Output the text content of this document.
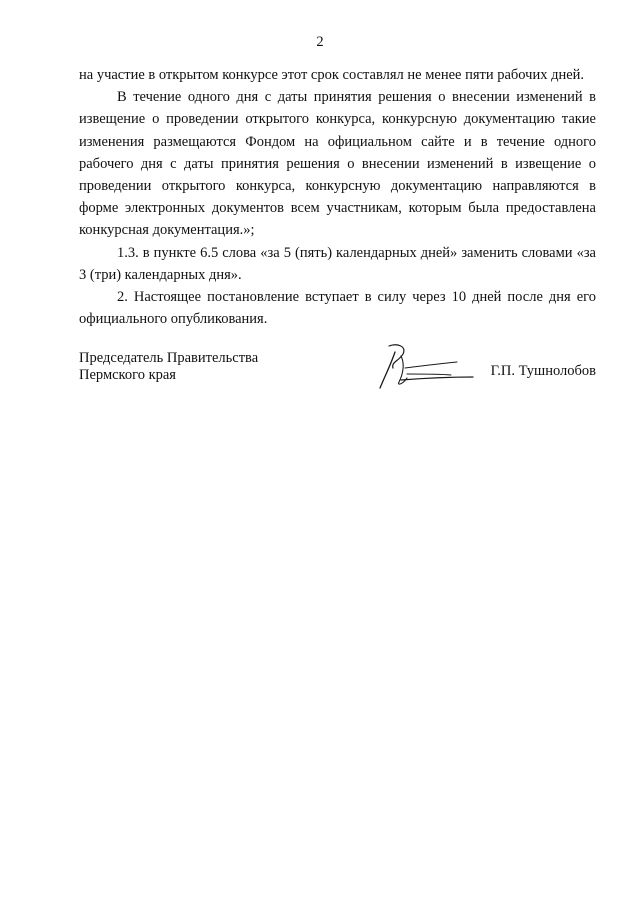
2

на участие в открытом конкурсе этот срок составлял не менее пяти рабочих дней.

В течение одного дня с даты принятия решения о внесении изменений в извещение о проведении открытого конкурса, конкурсную документацию такие изменения размещаются Фондом на официальном сайте и в течение одного рабочего дня с даты принятия решения о внесении изменений в извещение о проведении открытого конкурса, конкурсную документацию направляются в форме электронных документов всем участникам, которым была предоставлена конкурсная документация.»;

1.3. в пункте 6.5 слова «за 5 (пять) календарных дней» заменить словами «за 3 (три) календарных дня».

2. Настоящее постановление вступает в силу через 10 дней после дня его официального опубликования.

Председатель Правительства
Пермского края	Г.П. Тушнолобов
